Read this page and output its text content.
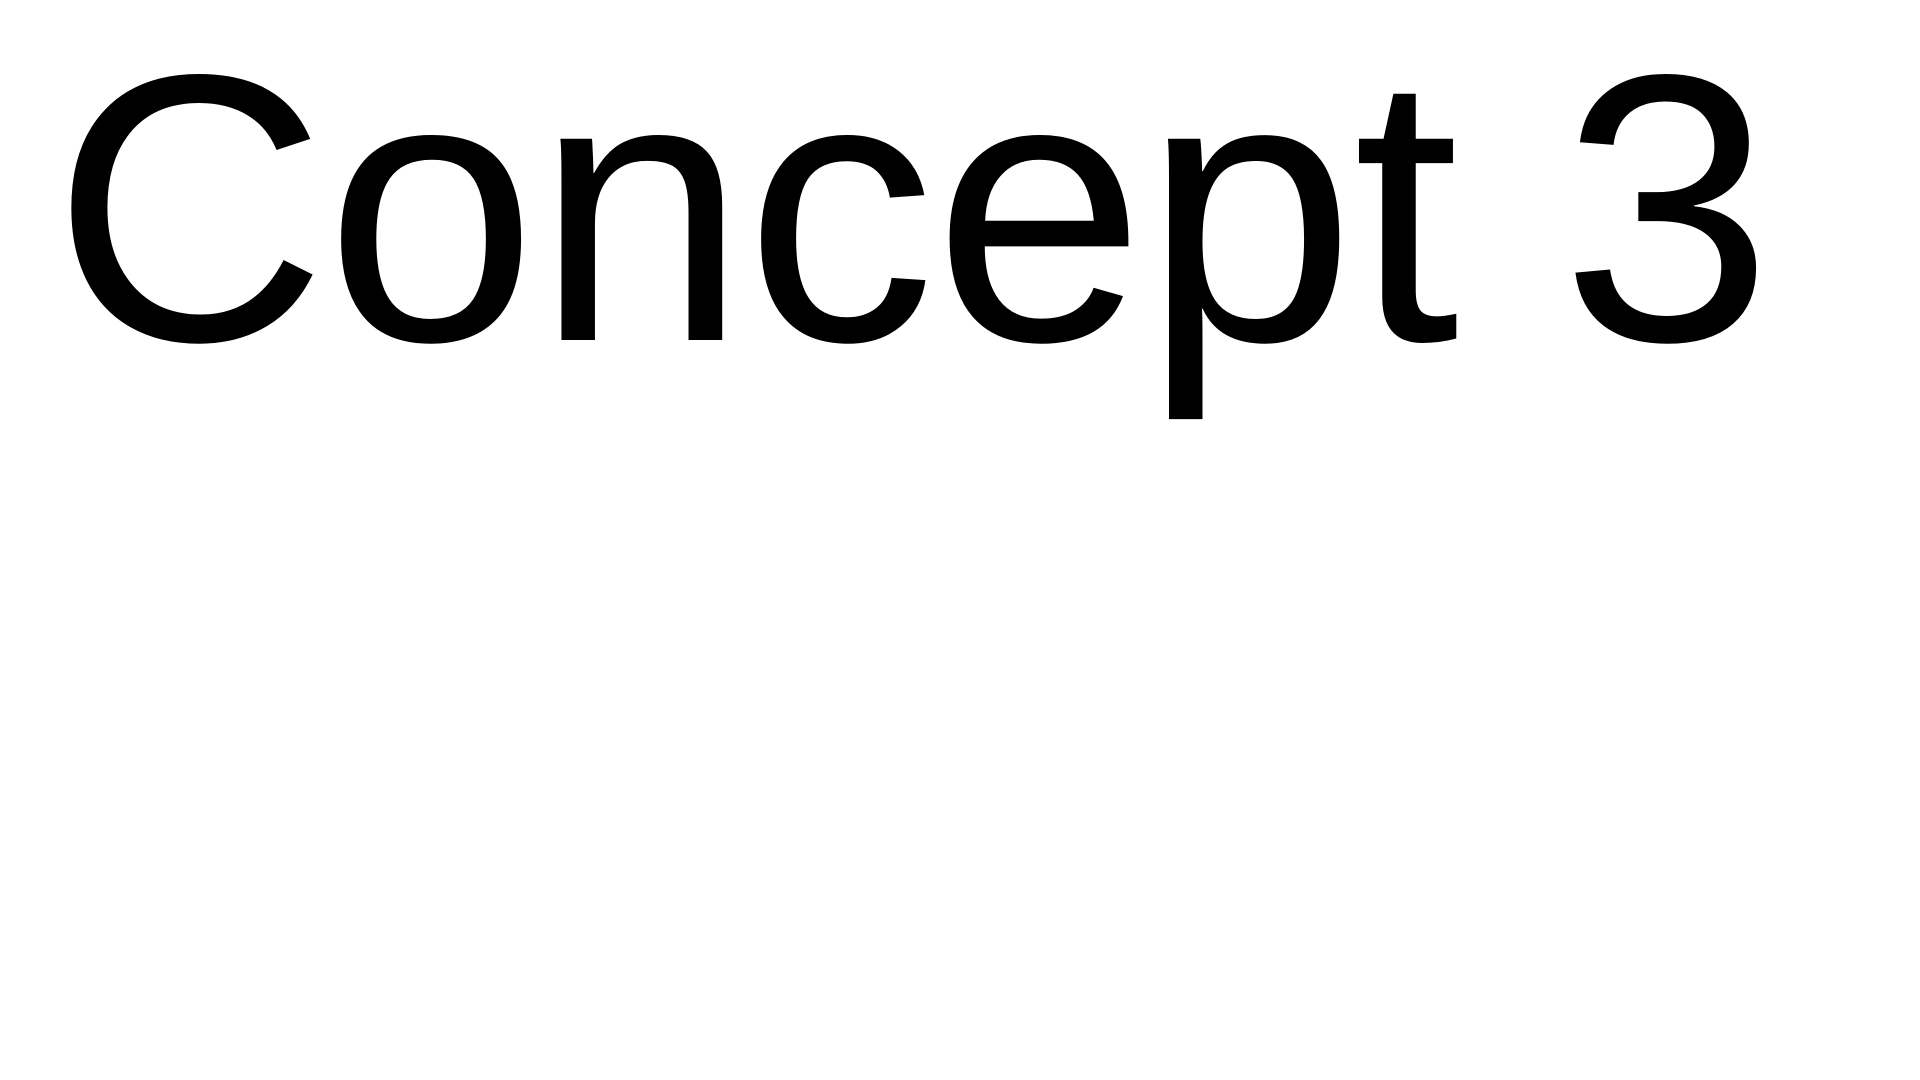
Concept 3
